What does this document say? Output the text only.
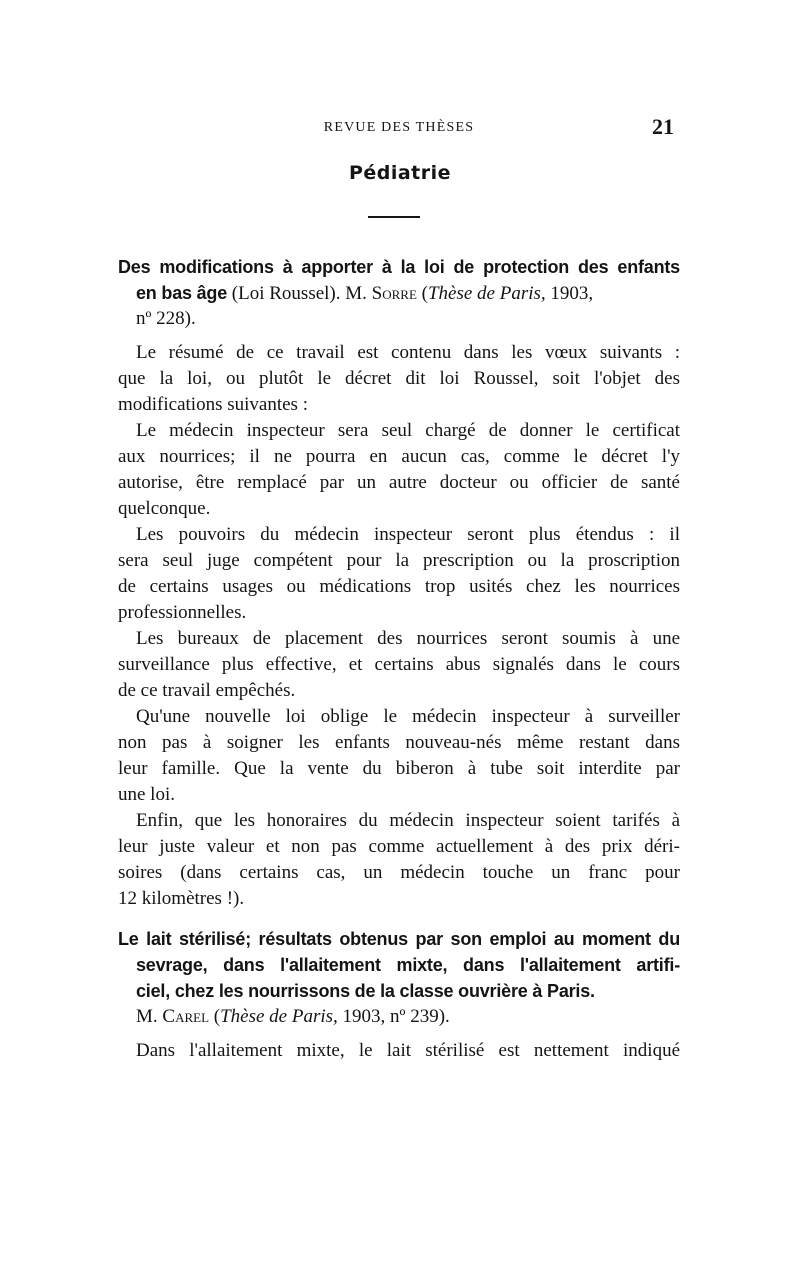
REVUE DES THÈSES	21
Pédiatrie
Des modifications à apporter à la loi de protection des enfants
en bas âge (Loi Roussel). M. Sorre (Thèse de Paris, 1903,
nº 228).
Le résumé de ce travail est contenu dans les vœux suivants :
que la loi, ou plutôt le décret dit loi Roussel, soit l'objet des
modifications suivantes :
Le médecin inspecteur sera seul chargé de donner le certificat
aux nourrices; il ne pourra en aucun cas, comme le décret l'y
autorise, être remplacé par un autre docteur ou officier de santé
quelconque.
Les pouvoirs du médecin inspecteur seront plus étendus : il
sera seul juge compétent pour la prescription ou la proscription
de certains usages ou médications trop usités chez les nourrices
professionnelles.
Les bureaux de placement des nourrices seront soumis à une
surveillance plus effective, et certains abus signalés dans le cours
de ce travail empêchés.
Qu'une nouvelle loi oblige le médecin inspecteur à surveiller
non pas à soigner les enfants nouveau-nés même restant dans
leur famille. Que la vente du biberon à tube soit interdite par
une loi.
Enfin, que les honoraires du médecin inspecteur soient tarifés à
leur juste valeur et non pas comme actuellement à des prix déri-
soires (dans certains cas, un médecin touche un franc pour
12 kilomètres !).
Le lait stérilisé; résultats obtenus par son emploi au moment du
sevrage, dans l'allaitement mixte, dans l'allaitement artifi-
ciel, chez les nourrissons de la classe ouvrière à Paris.
M. Carel (Thèse de Paris, 1903, nº 239).
Dans l'allaitement mixte, le lait stérilisé est nettement indiqué
